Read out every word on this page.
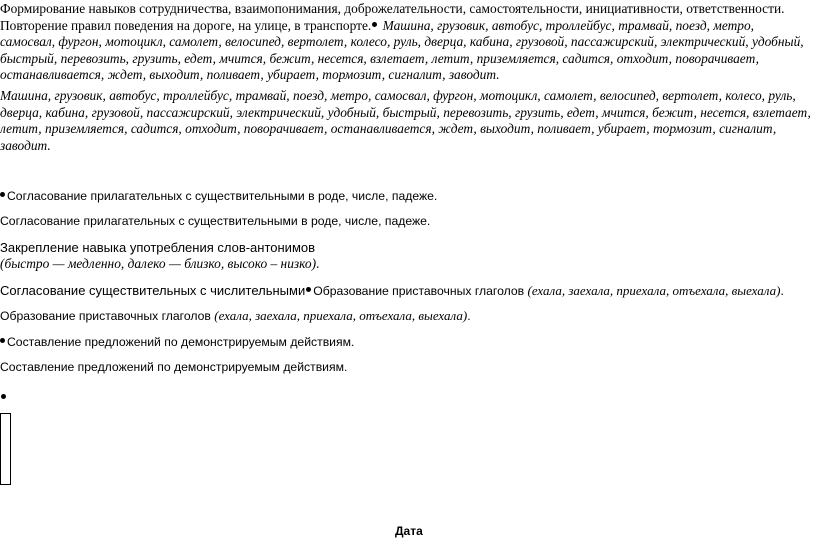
Формирование навыков сотрудничества, взаимопонимания, доброжелательности, самостоятельности, инициативности, ответственности.
Повторение правил поведения на дороге, на улице, в транспорте. Машина, грузовик, автобус, троллейбус, трамвай, поезд, метро,
самосвал, фургон, мотоцикл, самолет, велосипед, вертолет, колесо, руль, дверца, кабина, грузовой, пассажирский, электрический, удобный,
быстрый, перевозить, грузить, едет, мчится, бежит, несется, взлетает, летит, приземляется, садится, отходит, поворачивает,
останавливается, ждет, выходит, поливает, убирает, тормозит, сигналит, заводит.
Машина, грузовик, автобус, троллейбус, трамвай, поезд, метро, самосвал, фургон, мотоцикл, самолет, велосипед, вертолет, колесо, руль,
дверца, кабина, грузовой, пассажирский, электрический, удобный, быстрый, перевозить, грузить, едет, мчится, бежит, несется, взлетает,
летит, приземляется, садится, отходит, поворачивает, останавливается, ждет, выходит, поливает, убирает, тормозит, сигналит,
заводит.
Согласование прилагательных с существительными в роде, числе, падеже.
Согласование прилагательных с существительными в роде, числе, падеже.
Закрепление навыка употребления слов-антонимов
(быстро — медленно, далеко — близко, высоко – низко).
Согласование существительных с числительными Образование приставочных глаголов (ехала, заехала, приехала, отъехала, выехала).
Образование приставочных глаголов (ехала, заехала, приехала, отъехала, выехала).
Составление предложений по демонстрируемым действиям.
Составление предложений по демонстрируемым действиям.
Дата
